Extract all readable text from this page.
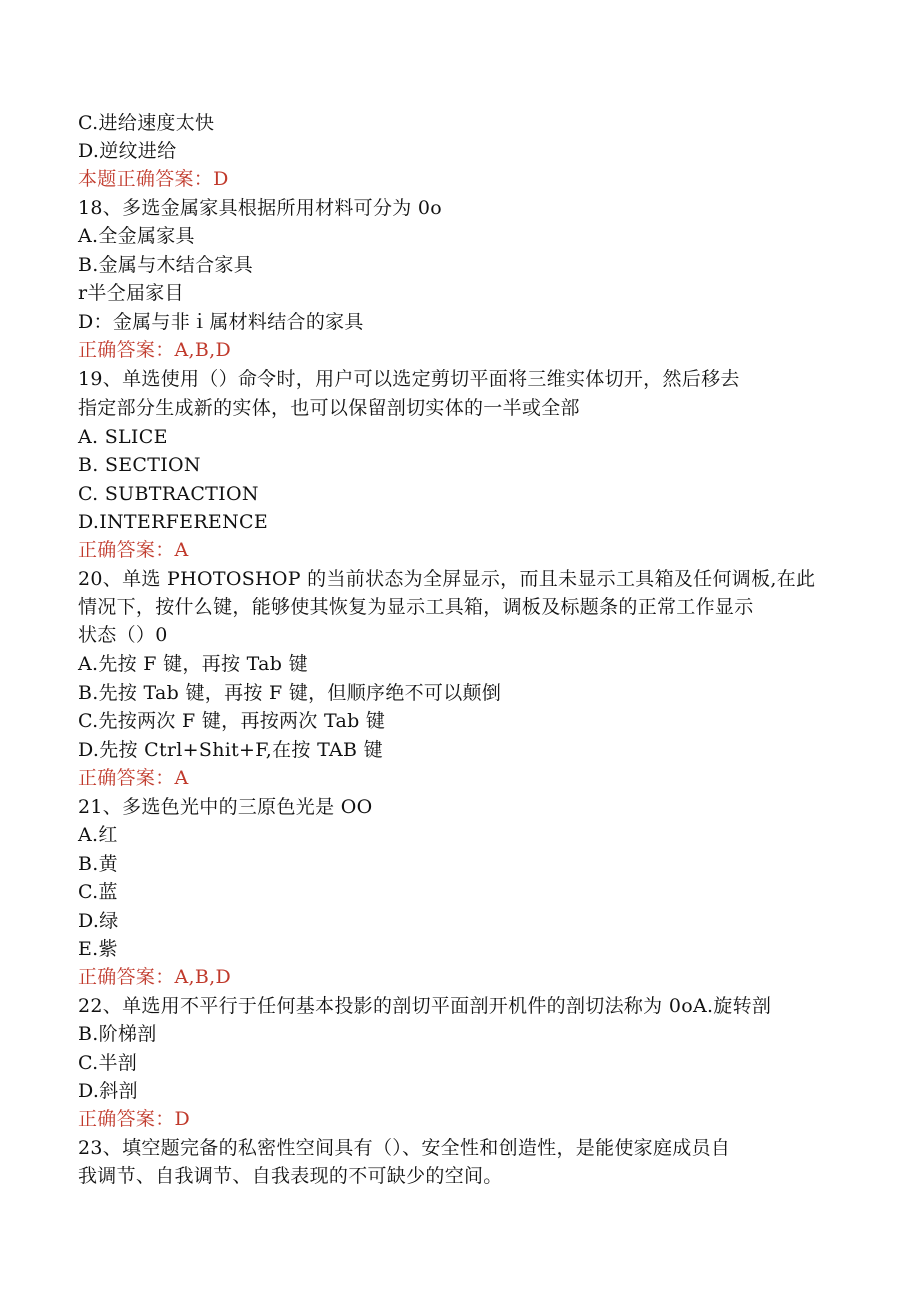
C.进给速度太快
D.逆纹进给
本题正确答案：D
18、多选金属家具根据所用材料可分为 0o
A.全金属家具
B.金属与木结合家具
r半仝届家目
D：金属与非ｉ属材料结合的家具
正确答案：A,B,D
19、单选使用（）命令时，用户可以选定剪切平面将三维实体切开，然后移去
指定部分生成新的实体，也可以保留剖切实体的一半或全部
A. SLICE
B. SECTION
C. SUBTRACTION
D.INTERFERENCE
正确答案：A
20、单选 PHOTOSHOP 的当前状态为全屏显示，而且未显示工具箱及任何调板,在此
情况下，按什么键，能够使其恢复为显示工具箱，调板及标题条的正常工作显示
状态（）0
A.先按 F 键，再按 Tab 键
B.先按 Tab 键，再按 F 键，但顺序绝不可以颠倒
C.先按两次 F 键，再按两次 Tab 键
D.先按 Ctrl+Shit+F,在按 TAB 键
正确答案：A
21、多选色光中的三原色光是 OO
A.红
B.黄
C.蓝
D.绿
E.紫
正确答案：A,B,D
22、单选用不平行于任何基本投影的剖切平面剖开机件的剖切法称为 0oA.旋转剖
B.阶梯剖
C.半剖
D.斜剖
正确答案：D
23、填空题完备的私密性空间具有（）、安全性和创造性，是能使家庭成员自
我调节、自我调节、自我表现的不可缺少的空间。
